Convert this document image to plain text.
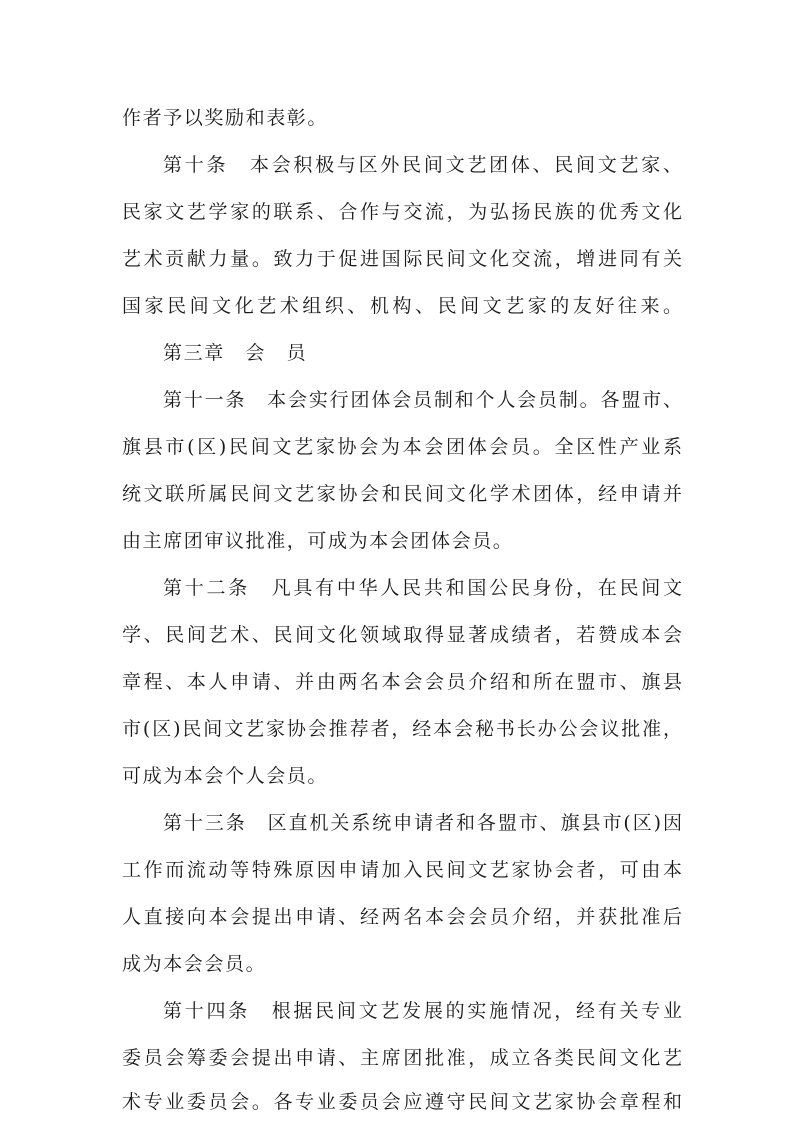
作者予以奖励和表彰。
第十条　本会积极与区外民间文艺团体、民间文艺家、
民家文艺学家的联系、合作与交流，为弘扬民族的优秀文化
艺术贡献力量。致力于促进国际民间文化交流，增进同有关
国家民间文化艺术组织、机构、民间文艺家的友好往来。
第三章　会　员
第十一条　本会实行团体会员制和个人会员制。各盟市、
旗县市(区)民间文艺家协会为本会团体会员。全区性产业系
统文联所属民间文艺家协会和民间文化学术团体，经申请并
由主席团审议批准，可成为本会团体会员。
第十二条　凡具有中华人民共和国公民身份，在民间文
学、民间艺术、民间文化领域取得显著成绩者，若赞成本会
章程、本人申请、并由两名本会会员介绍和所在盟市、旗县
市(区)民间文艺家协会推荐者，经本会秘书长办公会议批准，
可成为本会个人会员。
第十三条　区直机关系统申请者和各盟市、旗县市(区)因
工作而流动等特殊原因申请加入民间文艺家协会者，可由本
人直接向本会提出申请、经两名本会会员介绍，并获批准后
成为本会会员。
第十四条　根据民间文艺发展的实施情况，经有关专业
委员会筹委会提出申请、主席团批准，成立各类民间文化艺
术专业委员会。各专业委员会应遵守民间文艺家协会章程和
